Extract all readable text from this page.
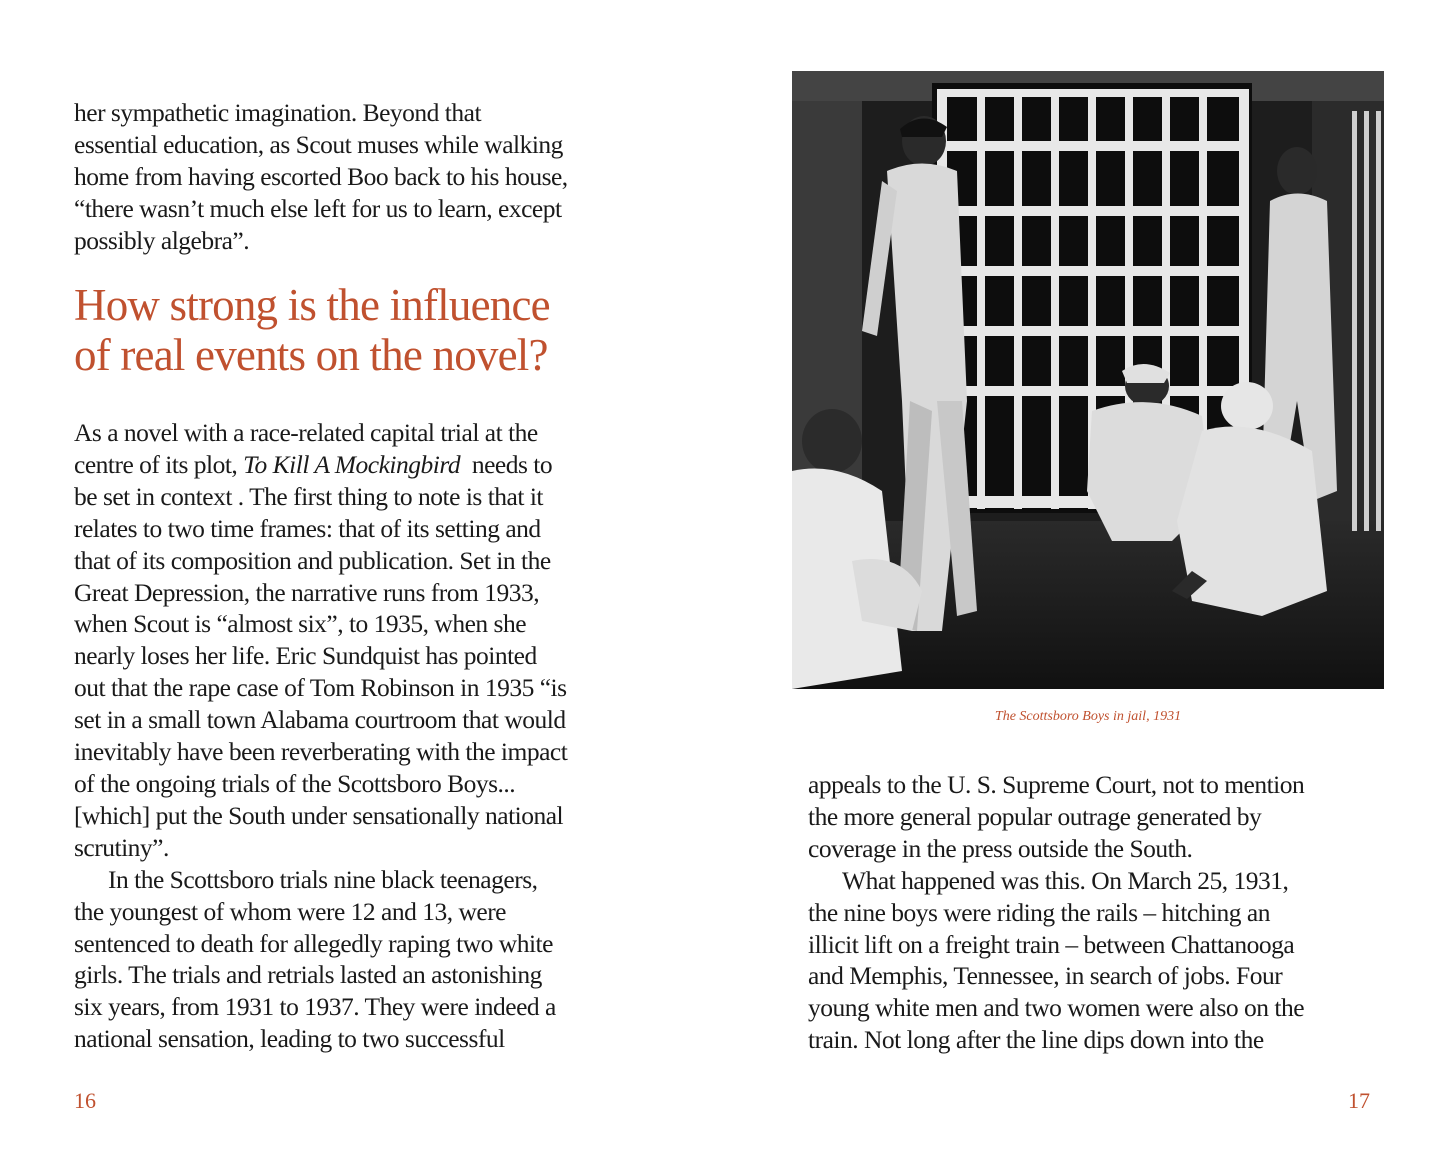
her sympathetic imagination. Beyond that
essential education, as Scout muses while walking
home from having escorted Boo back to his house,
“there wasn’t much else left for us to learn, except
possibly algebra”.
How strong is the influence
of real events on the novel?
As a novel with a race-related capital trial at the
centre of its plot, To Kill A Mockingbird  needs to
be set in context . The first thing to note is that it
relates to two time frames: that of its setting and
that of its composition and publication. Set in the
Great Depression, the narrative runs from 1933,
when Scout is “almost six”, to 1935, when she
nearly loses her life. Eric Sundquist has pointed
out that the rape case of Tom Robinson in 1935 “is
set in a small town Alabama courtroom that would
inevitably have been reverberating with the impact
of the ongoing trials of the Scottsboro Boys...
[which] put the South under sensationally national
scrutiny”.
In the Scottsboro trials nine black teenagers,
the youngest of whom were 12 and 13, were
sentenced to death for allegedly raping two white
girls. The trials and retrials lasted an astonishing
six years, from 1931 to 1937. They were indeed a
national sensation, leading to two successful
16
The Scottsboro Boys in jail, 1931
appeals to the U. S. Supreme Court, not to mention
the more general popular outrage generated by
coverage in the press outside the South.
What happened was this. On March 25, 1931,
the nine boys were riding the rails – hitching an
illicit lift on a freight train – between Chattanooga
and Memphis, Tennessee, in search of jobs. Four
young white men and two women were also on the
train. Not long after the line dips down into the
17
